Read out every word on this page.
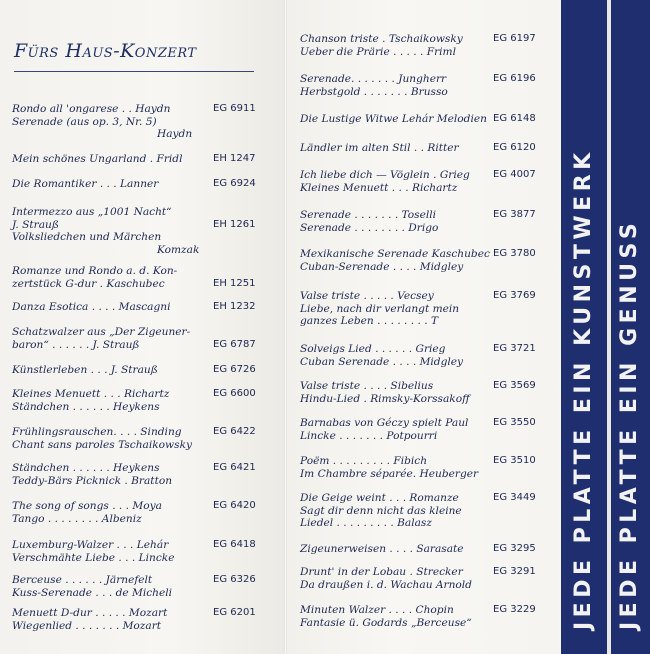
Fürs Haus-Konzert
EG 6911
Rondo all 'ongarese . . Haydn
Serenade (aus op. 3, Nr. 5)
Haydn
EH 1247
Mein schönes Ungarland . Fridl
EG 6924
Die Romantiker . . . Lanner
Intermezzo aus „1001 Nacht“
EH 1261
J. Strauß
Volksliedchen und Märchen
Komzak
Romanze und Rondo a. d. Kon-
EH 1251
zertstück G-dur . Kaschubec
EH 1232
Danza Esotica . . . . Mascagni
Schatzwalzer aus „Der Zigeuner-
EG 6787
baron“ . . . . . . J. Strauß
EG 6726
Künstlerleben . . . J. Strauß
EG 6600
Kleines Menuett . . . Richartz
Ständchen . . . . . . Heykens
EG 6422
Frühlingsrauschen. . . . Sinding
Chant sans paroles Tschaikowsky
EG 6421
Ständchen . . . . . . Heykens
Teddy-Bärs Picknick . Bratton
EG 6420
The song of songs . . . Moya
Tango . . . . . . . . Albeniz
EG 6418
Luxemburg-Walzer . . . Lehár
Verschmähte Liebe . . . Lincke
EG 6326
Berceuse . . . . . . Järnefelt
Kuss-Serenade . . . de Micheli
EG 6201
Menuett D-dur . . . . . Mozart
Wiegenlied . . . . . . . Mozart
EG 6197
Chanson triste . Tschaikowsky
Ueber die Prärie . . . . . Friml
EG 6196
Serenade. . . . . . . Jungherr
Herbstgold . . . . . . . Brusso
EG 6148
Die Lustige Witwe Lehár Melodien
EG 6120
Ländler im alten Stil . . Ritter
EG 4007
Ich liebe dich — Vöglein . Grieg
Kleines Menuett . . . Richartz
EG 3877
Serenade . . . . . . . Toselli
Serenade . . . . . . . . Drigo
EG 3780
Mexikanische Serenade Kaschubec
Cuban-Serenade . . . . Midgley
EG 3769
Valse triste . . . . . Vecsey
Liebe, nach dir verlangt mein
ganzes Leben . . . . . . . . T
EG 3721
Solveigs Lied . . . . . . Grieg
Cuban Serenade . . . . Midgley
EG 3569
Valse triste . . . . Sibelius
Hindu-Lied . Rimsky-Korssakoff
EG 3550
Barnabas von Géczy spielt Paul
Lincke . . . . . . . Potpourri
EG 3510
Poëm . . . . . . . . . Fibich
Im Chambre séparée. Heuberger
EG 3449
Die Geige weint . . . Romanze
Sagt dir denn nicht das kleine
Liedel . . . . . . . . . Balasz
EG 3295
Zigeunerweisen . . . . Sarasate
EG 3291
Drunt' in der Lobau . Strecker
Da draußen i. d. Wachau Arnold
EG 3229
Minuten Walzer . . . . Chopin
Fantasie ü. Godards „Berceuse“	JEDE PLATTE EIN KUNSTWERK JEDE PLATTE EIN GENUSS
